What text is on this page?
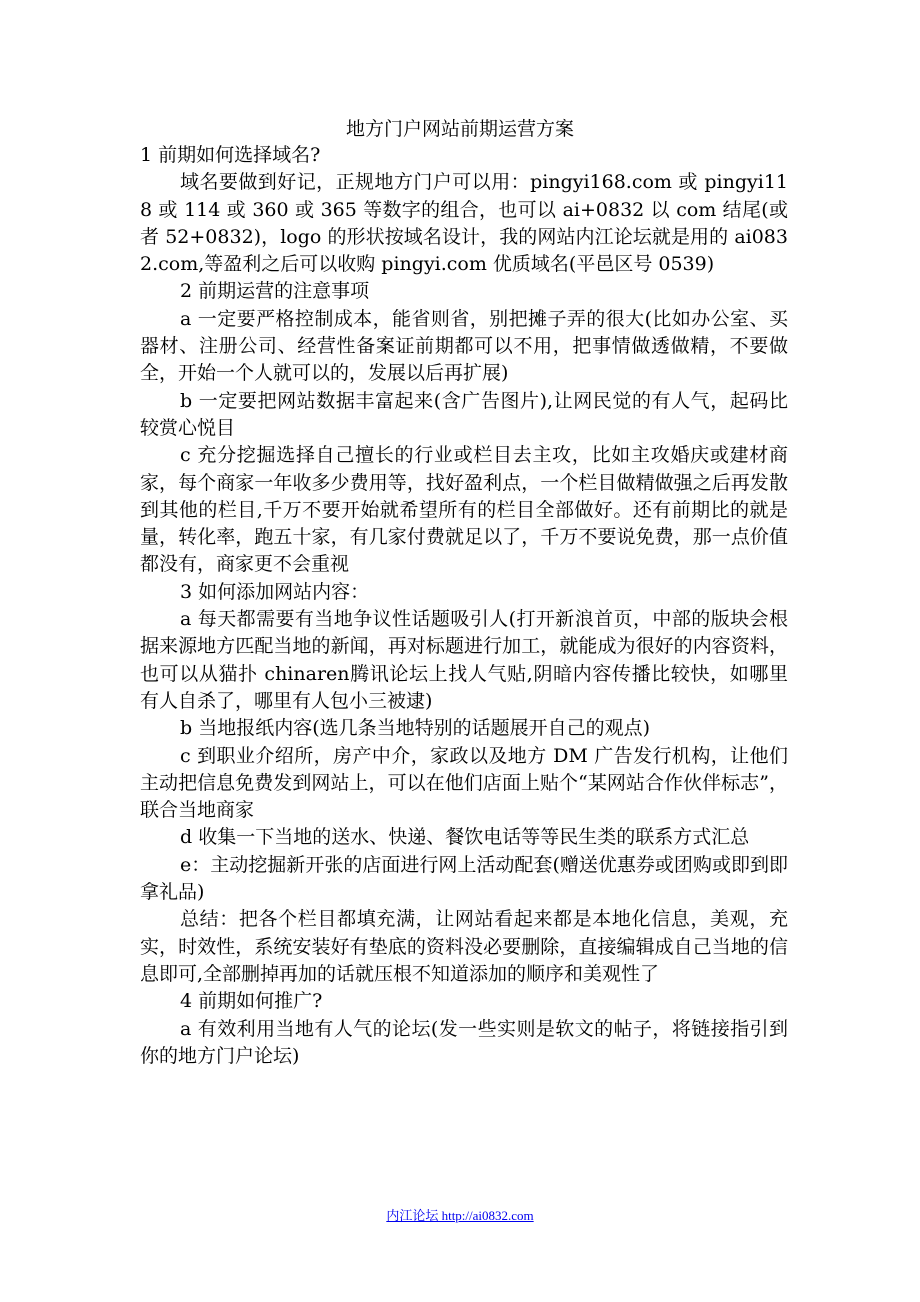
地方门户网站前期运营方案

1 前期如何选择域名?

域名要做到好记，正规地方门户可以用：pingyi168.com 或 pingyi118 或 114 或 360 或 365 等数字的组合，也可以 ai+0832 以 com 结尾(或者 52+0832)，logo 的形状按域名设计，我的网站内江论坛就是用的 ai0832.com,等盈利之后可以收购 pingyi.com 优质域名(平邑区号 0539)

2 前期运营的注意事项

a 一定要严格控制成本，能省则省，别把摊子弄的很大(比如办公室、买器材、注册公司、经营性备案证前期都可以不用，把事情做透做精，不要做全，开始一个人就可以的，发展以后再扩展)

b 一定要把网站数据丰富起来(含广告图片),让网民觉的有人气，起码比较赏心悦目

c 充分挖掘选择自己擅长的行业或栏目去主攻，比如主攻婚庆或建材商家，每个商家一年收多少费用等，找好盈利点，一个栏目做精做强之后再发散到其他的栏目,千万不要开始就希望所有的栏目全部做好。还有前期比的就是量，转化率，跑五十家，有几家付费就足以了，千万不要说免费，那一点价值都没有，商家更不会重视

3 如何添加网站内容：

a 每天都需要有当地争议性话题吸引人(打开新浪首页，中部的版块会根据来源地方匹配当地的新闻，再对标题进行加工，就能成为很好的内容资料，也可以从猫扑 chinaren腾讯论坛上找人气贴,阴暗内容传播比较快，如哪里有人自杀了，哪里有人包小三被逮)

b 当地报纸内容(选几条当地特别的话题展开自己的观点)

c 到职业介绍所，房产中介，家政以及地方 DM 广告发行机构，让他们主动把信息免费发到网站上，可以在他们店面上贴个“某网站合作伙伴标志”，联合当地商家

d 收集一下当地的送水、快递、餐饮电话等等民生类的联系方式汇总

e：主动挖掘新开张的店面进行网上活动配套(赠送优惠券或团购或即到即拿礼品)

总结：把各个栏目都填充满，让网站看起来都是本地化信息，美观，充实，时效性，系统安装好有垫底的资料没必要删除，直接编辑成自己当地的信息即可,全部删掉再加的话就压根不知道添加的顺序和美观性了

4 前期如何推广?

a 有效利用当地有人气的论坛(发一些实则是软文的帖子，将链接指引到你的地方门户论坛)

内江论坛 http://ai0832.com
